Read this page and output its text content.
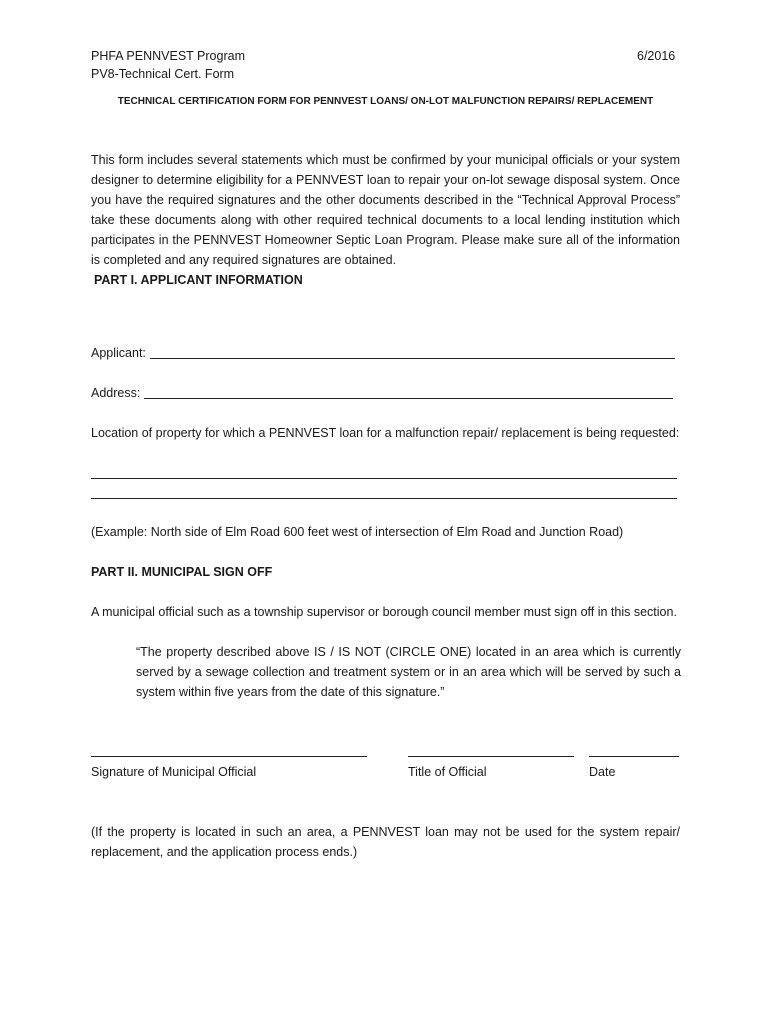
PHFA PENNVEST Program
PV8-Technical Cert. Form
6/2016
TECHNICAL CERTIFICATION FORM FOR PENNVEST LOANS/ ON-LOT MALFUNCTION REPAIRS/ REPLACEMENT
This form includes several statements which must be confirmed by your municipal officials or your system designer to determine eligibility for a PENNVEST loan to repair your on-lot sewage disposal system. Once you have the required signatures and the other documents described in the “Technical Approval Process” take these documents along with other required technical documents to a local lending institution which participates in the PENNVEST Homeowner Septic Loan Program. Please make sure all of the information is completed and any required signatures are obtained.
PART I. APPLICANT INFORMATION
Applicant:
Address:
Location of property for which a PENNVEST loan for a malfunction repair/ replacement is being requested:
(Example: North side of Elm Road 600 feet west of intersection of Elm Road and Junction Road)
PART II. MUNICIPAL SIGN OFF
A municipal official such as a township supervisor or borough council member must sign off in this section.
“The property described above IS / IS NOT (CIRCLE ONE) located in an area which is currently served by a sewage collection and treatment system or in an area which will be served by such a system within five years from the date of this signature.”
Signature of Municipal Official	Title of Official	Date
(If the property is located in such an area, a PENNVEST loan may not be used for the system repair/ replacement, and the application process ends.)
